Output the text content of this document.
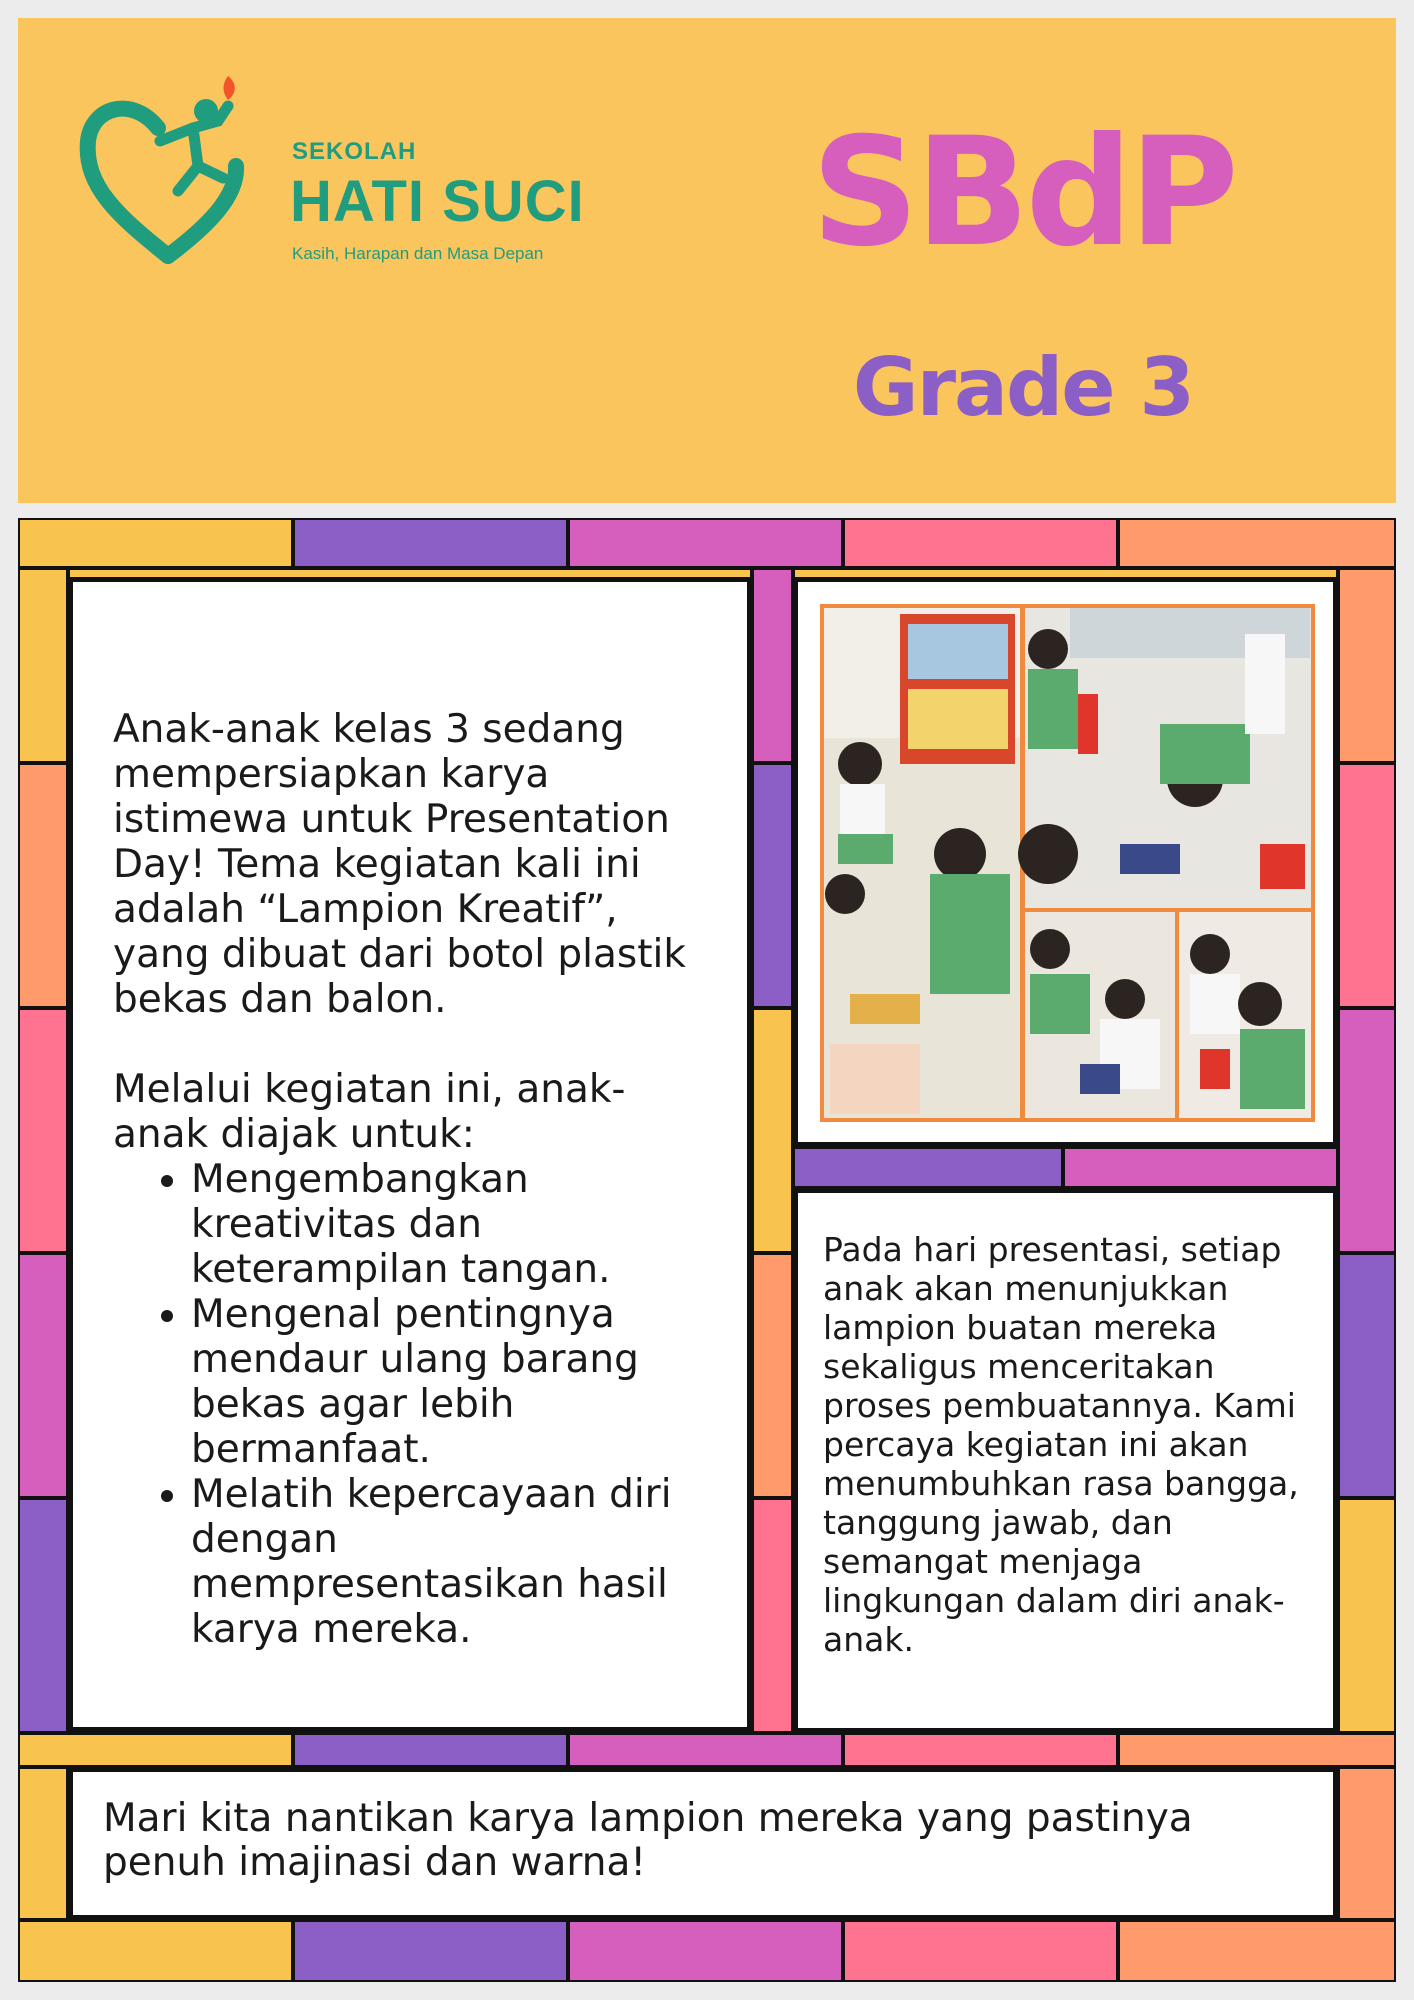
SEKOLAH
HATI SUCI
Kasih, Harapan dan Masa Depan SBdP
Grade 3

Anak-anak kelas 3 sedang mempersiapkan karya istimewa untuk Presentation Day! Tema kegiatan kali ini adalah “Lampion Kreatif”, yang dibuat dari botol plastik bekas dan balon.

Melalui kegiatan ini, anak-anak diajak untuk:

• Mengembangkan kreativitas dan keterampilan tangan.
• Mengenal pentingnya mendaur ulang barang bekas agar lebih bermanfaat.
• Melatih kepercayaan diri dengan mempresentasikan hasil karya mereka.
Pada hari presentasi, setiap anak akan menunjukkan lampion buatan mereka sekaligus menceritakan proses pembuatannya. Kami percaya kegiatan ini akan menumbuhkan rasa bangga, tanggung jawab, dan semangat menjaga lingkungan dalam diri anak-anak.
Mari kita nantikan karya lampion mereka yang pastinya penuh imajinasi dan warna!
